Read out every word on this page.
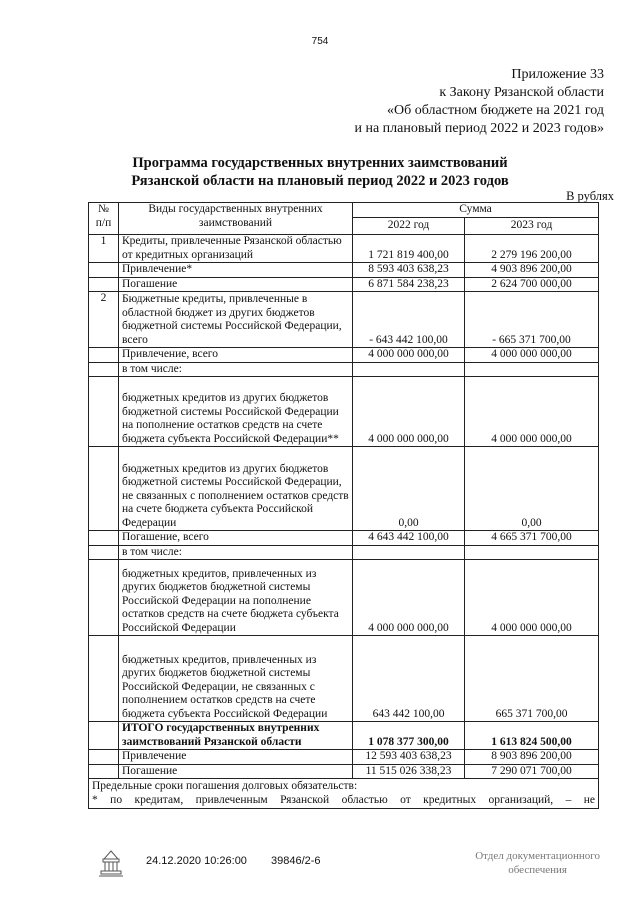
754
Приложение 33
к Закону Рязанской области
«Об областном бюджете на 2021 год
и на плановый период 2022 и 2023 годов»
Программа государственных внутренних заимствований
Рязанской области на плановый период 2022 и 2023 годов
В рублях
№ п/п	Виды государственных внутренних заимствований	Сумма	
		2022 год	2023 год
1	Кредиты, привлеченные Рязанской областью от кредитных организаций	1 721 819 400,00	2 279 196 200,00
	Привлечение*	8 593 403 638,23	4 903 896 200,00
	Погашение	6 871 584 238,23	2 624 700 000,00
2	Бюджетные кредиты, привлеченные в областной бюджет из других бюджетов бюджетной системы Российской Федерации, всего	- 643 442 100,00	- 665 371 700,00
	Привлечение, всего	4 000 000 000,00	4 000 000 000,00
	в том числе:		
	бюджетных кредитов из других бюджетов бюджетной системы Российской Федерации на пополнение остатков средств на счете бюджета субъекта Российской Федерации**	4 000 000 000,00	4 000 000 000,00
	бюджетных кредитов из других бюджетов бюджетной системы Российской Федерации, не связанных с пополнением остатков средств на счете бюджета субъекта Российской Федерации	0,00	0,00
	Погашение, всего	4 643 442 100,00	4 665 371 700,00
	в том числе:		
	бюджетных кредитов, привлеченных из других бюджетов бюджетной системы Российской Федерации на пополнение остатков средств на счете бюджета субъекта Российской Федерации	4 000 000 000,00	4 000 000 000,00
	бюджетных кредитов, привлеченных из других бюджетов бюджетной системы Российской Федерации, не связанных с пополнением остатков средств на счете бюджета субъекта Российской Федерации	643 442 100,00	665 371 700,00
	ИТОГО государственных внутренних заимствований Рязанской области	1 078 377 300,00	1 613 824 500,00
	Привлечение	12 593 403 638,23	8 903 896 200,00
	Погашение	11 515 026 338,23	7 290 071 700,00

Предельные сроки погашения долговых обязательств:
* по кредитам, привлеченным Рязанской областью от кредитных организаций, – не			
24.12.2020 10:26:00 39846/2-6	Отдел документационного
обеспечения
